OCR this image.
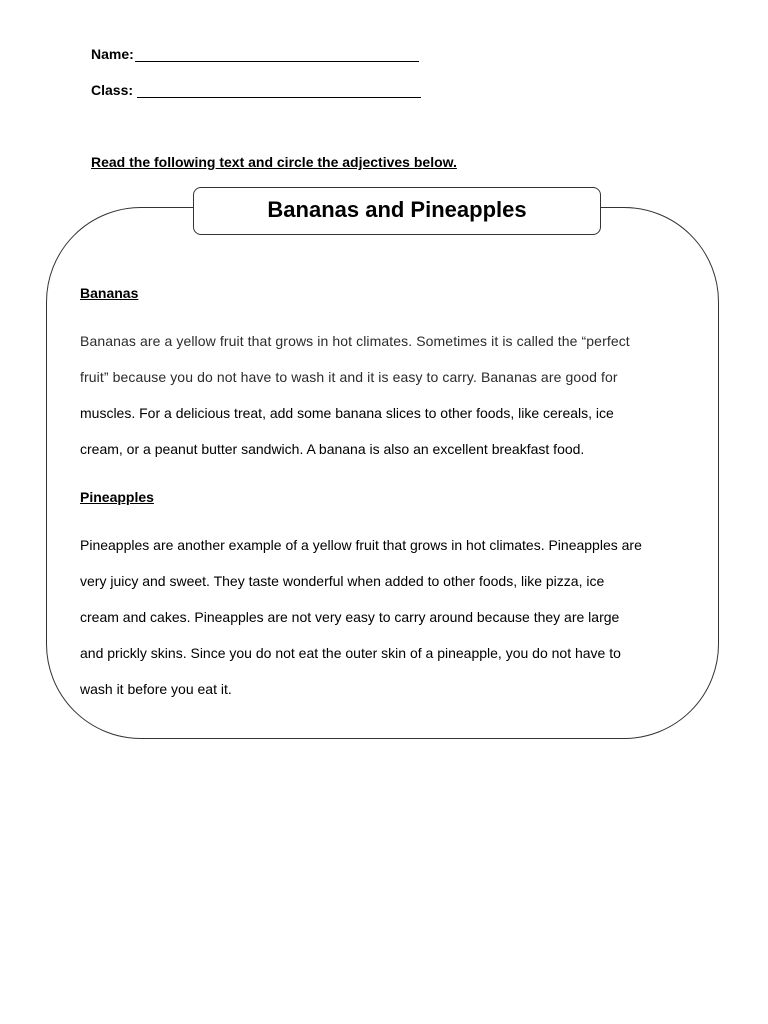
Name:
Class:
Read the following text and circle the adjectives below.
Bananas and Pineapples
Bananas

Bananas are a yellow fruit that grows in hot climates. Sometimes it is called the “perfect
fruit” because you do not have to wash it and it is easy to carry. Bananas are good for
muscles. For a delicious treat, add some banana slices to other foods, like cereals, ice
cream, or a peanut butter sandwich. A banana is also an excellent breakfast food.

Pineapples

Pineapples are another example of a yellow fruit that grows in hot climates. Pineapples are
very juicy and sweet. They taste wonderful when added to other foods, like pizza, ice
cream and cakes. Pineapples are not very easy to carry around because they are large
and prickly skins. Since you do not eat the outer skin of a pineapple, you do not have to
wash it before you eat it.
